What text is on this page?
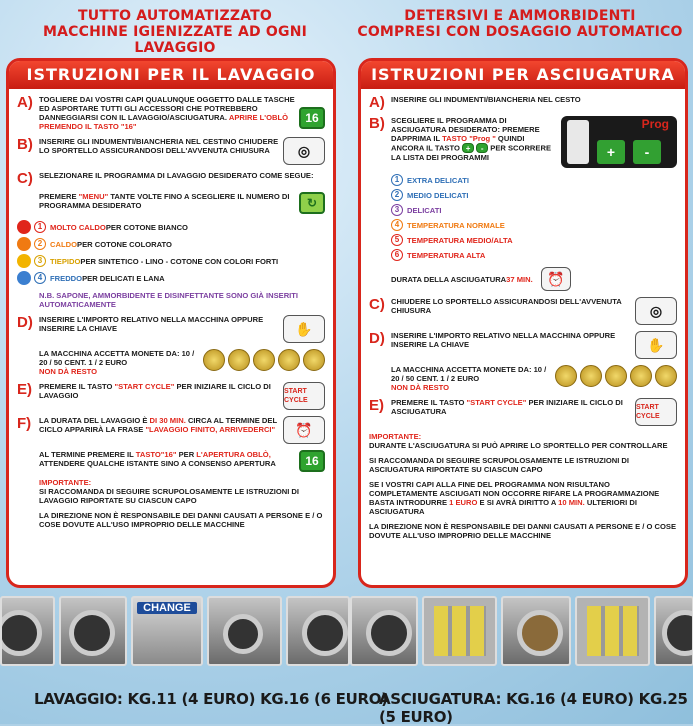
TUTTO AUTOMATIZZATO
MACCHINE IGIENIZZATE AD OGNI LAVAGGIO
DETERSIVI E AMMORBIDENTI
COMPRESI CON DOSAGGIO AUTOMATICO
ISTRUZIONI PER IL LAVAGGIO
A) TOGLIERE DAI VOSTRI CAPI QUALUNQUE OGGETTO DALLE TASCHE ED ASPORTARE TUTTI GLI ACCESSORI CHE POTREBBERO DANNEGGIARSI CON IL LAVAGGIO/ASCIUGATURA. APRIRE L'OBLÒ PREMENDO IL TASTO "16"
16
B) INSERIRE GLI INDUMENTI/BIANCHERIA NEL CESTINO CHIUDERE LO SPORTELLO ASSICURANDOSI DELL'AVVENUTA CHIUSURA	◎
C) SELEZIONARE IL PROGRAMMA DI LAVAGGIO DESIDERATO COME SEGUE:
PREMERE "MENU" TANTE VOLTE FINO A SCEGLIERE IL NUMERO DI PROGRAMMA DESIDERATO	↻
1	MOLTO CALDO PER COTONE BIANCO
2	CALDO PER COTONE COLORATO
3	TIEPIDO PER SINTETICO - LINO - COTONE CON COLORI FORTI
4	FREDDO PER DELICATI E LANA
N.B. SAPONE, AMMORBIDENTE E DISINFETTANTE SONO GIÀ INSERITI AUTOMATICAMENTE
D) INSERIRE L'IMPORTO RELATIVO NELLA MACCHINA OPPURE INSERIRE LA CHIAVE	✋
LA MACCHINA ACCETTA MONETE DA: 10 / 20 / 50 CENT. 1 / 2 EURO
NON DÀ RESTO
E) PREMERE IL TASTO "START CYCLE" PER INIZIARE IL CICLO DI LAVAGGIO	START CYCLE
F)	LA DURATA DEL LAVAGGIO È DI 30 MIN. CIRCA AL TERMINE DEL CICLO APPARIRÀ LA FRASE "LAVAGGIO FINITO, ARRIVEDERCI"	⏰
AL TERMINE PREMERE IL TASTO"16" PER L'APERTURA OBLÒ, ATTENDERE QUALCHE ISTANTE SINO A CONSENSO APERTURA	16
IMPORTANTE:
SI RACCOMANDA DI SEGUIRE SCRUPOLOSAMENTE LE ISTRUZIONI DI LAVAGGIO RIPORTATE SU CIASCUN CAPO
LA DIREZIONE NON È RESPONSABILE DEI DANNI CAUSATI A PERSONE E / O COSE DOVUTE ALL'USO IMPROPRIO DELLE MACCHINE
ISTRUZIONI PER ASCIUGATURA
A) INSERIRE GLI INDUMENTI/BIANCHERIA NEL CESTO
B) SCEGLIERE IL PROGRAMMA DI ASCIUGATURA DESIDERATO: PREMERE DAPPRIMA IL TASTO "Prog " QUINDI ANCORA IL TASTO + - PER SCORRERE LA LISTA DEI PROGRAMMI
Prog
+	-
1	EXTRA DELICATI
2	MEDIO DELICATI
3	DELICATI
4	TEMPERATURA NORMALE
5	TEMPERATURA MEDIO/ALTA
6	TEMPERATURA ALTA
DURATA DELLA ASCIUGATURA 37 MIN.	⏰
C) CHIUDERE LO SPORTELLO ASSICURANDOSI DELL'AVVENUTA CHIUSURA	◎
D) INSERIRE L'IMPORTO RELATIVO NELLA MACCHINA OPPURE INSERIRE LA CHIAVE	✋
LA MACCHINA ACCETTA MONETE DA: 10 / 20 / 50 CENT. 1 / 2 EURO
NON DÀ RESTO
E) PREMERE IL TASTO "START CYCLE" PER INIZIARE IL CICLO DI ASCIUGATURA	START CYCLE
IMPORTANTE:
DURANTE L'ASCIUGATURA SI PUÒ APRIRE LO SPORTELLO PER CONTROLLARE
SI RACCOMANDA DI SEGUIRE SCRUPOLOSAMENTE LE ISTRUZIONI DI ASCIUGATURA RIPORTATE SU CIASCUN CAPO
SE I VOSTRI CAPI ALLA FINE DEL PROGRAMMA NON RISULTANO COMPLETAMENTE ASCIUGATI NON OCCORRE RIFARE LA PROGRAMMAZIONE BASTA INTRODURRE 1 EURO E SI AVRÀ DIRITTO A 10 MIN. ULTERIORI DI ASCIUGATURA
LA DIREZIONE NON È RESPONSABILE DEI DANNI CAUSATI A PERSONE E / O COSE DOVUTE ALL'USO IMPROPRIO DELLE MACCHINE
CHANGE
LAVAGGIO: KG.11 (4 EURO) KG.16 (6 EURO)
ASCIUGATURA: KG.16 (4 EURO) KG.25 (5 EURO)
